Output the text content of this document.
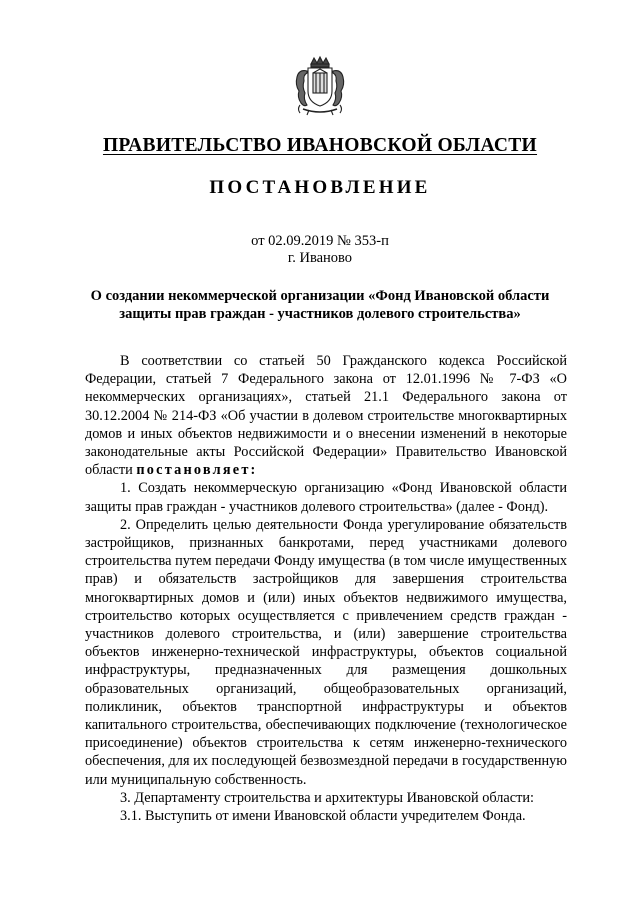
ПРАВИТЕЛЬСТВО ИВАНОВСКОЙ ОБЛАСТИ
ПОСТАНОВЛЕНИЕ
от 02.09.2019 № 353-п
г. Иваново
О создании некоммерческой организации «Фонд Ивановской области
защиты прав граждан - участников долевого строительства»

В соответствии со статьей 50 Гражданского кодекса Российской Федерации, статьей 7 Федерального закона от 12.01.1996 № 7-ФЗ «О некоммерческих организациях», статьей 21.1 Федерального закона от 30.12.2004 № 214-ФЗ «Об участии в долевом строительстве многоквартирных домов и иных объектов недвижимости и о внесении изменений в некоторые законодательные акты Российской Федерации» Правительство Ивановской области постановляет:

1. Создать некоммерческую организацию «Фонд Ивановской области защиты прав граждан - участников долевого строительства» (далее - Фонд).

2. Определить целью деятельности Фонда урегулирование обязательств застройщиков, признанных банкротами, перед участниками долевого строительства путем передачи Фонду имущества (в том числе имущественных прав) и обязательств застройщиков для завершения строительства многоквартирных домов и (или) иных объектов недвижимого имущества, строительство которых осуществляется с привлечением средств граждан - участников долевого строительства, и (или) завершение строительства объектов инженерно-технической инфраструктуры, объектов социальной инфраструктуры, предназначенных для размещения дошкольных образовательных организаций, общеобразовательных организаций, поликлиник, объектов транспортной инфраструктуры и объектов капитального строительства, обеспечивающих подключение (технологическое присоединение) объектов строительства к сетям инженерно-технического обеспечения, для их последующей безвозмездной передачи в государственную или муниципальную собственность.

3. Департаменту строительства и архитектуры Ивановской области:

3.1. Выступить от имени Ивановской области учредителем Фонда.
